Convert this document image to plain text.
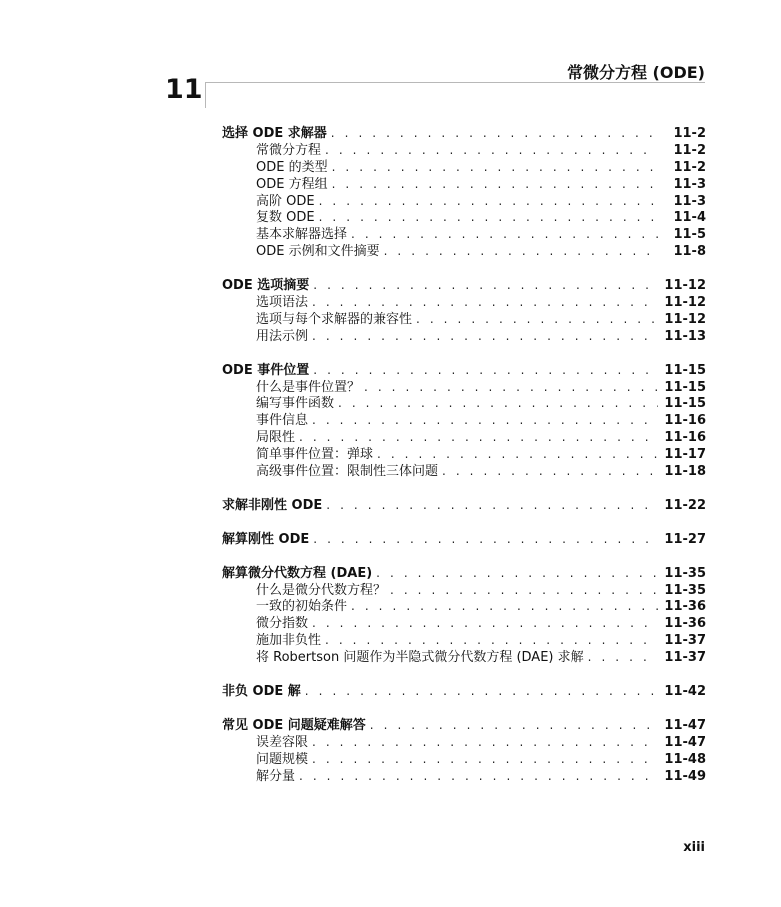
常微分方程 (ODE)
11
选择 ODE 求解器 . . .	11-2
常微分方程 . . .	11-2
ODE 的类型 . . .	11-2
ODE 方程组 . . .	11-3
高阶 ODE . . .	11-3
复数 ODE . . .	11-4
基本求解器选择 . . .	11-5
ODE 示例和文件摘要 . . .	11-8
ODE 选项摘要 . . .	11-12
选项语法 . . .	11-12
选项与每个求解器的兼容性 . . .	11-12
用法示例 . . .	11-13
ODE 事件位置 . . .	11-15
什么是事件位置？ . . .	11-15
编写事件函数 . . .	11-15
事件信息 . . .	11-16
局限性 . . .	11-16
简单事件位置：弹球 . . .	11-17
高级事件位置：限制性三体问题 . . .	11-18
求解非刚性 ODE . . .	11-22
解算刚性 ODE . . .	11-27
解算微分代数方程 (DAE) . . .	11-35
什么是微分代数方程？ . . .	11-35
一致的初始条件 . . .	11-36
微分指数 . . .	11-36
施加非负性 . . .	11-37
将 Robertson 问题作为半隐式微分代数方程 (DAE) 求解 . . .	11-37
非负 ODE 解 . . .	11-42
常见 ODE 问题疑难解答 . . .	11-47
误差容限 . . .	11-47
问题规模 . . .	11-48
解分量 . . .	11-49
xiii
